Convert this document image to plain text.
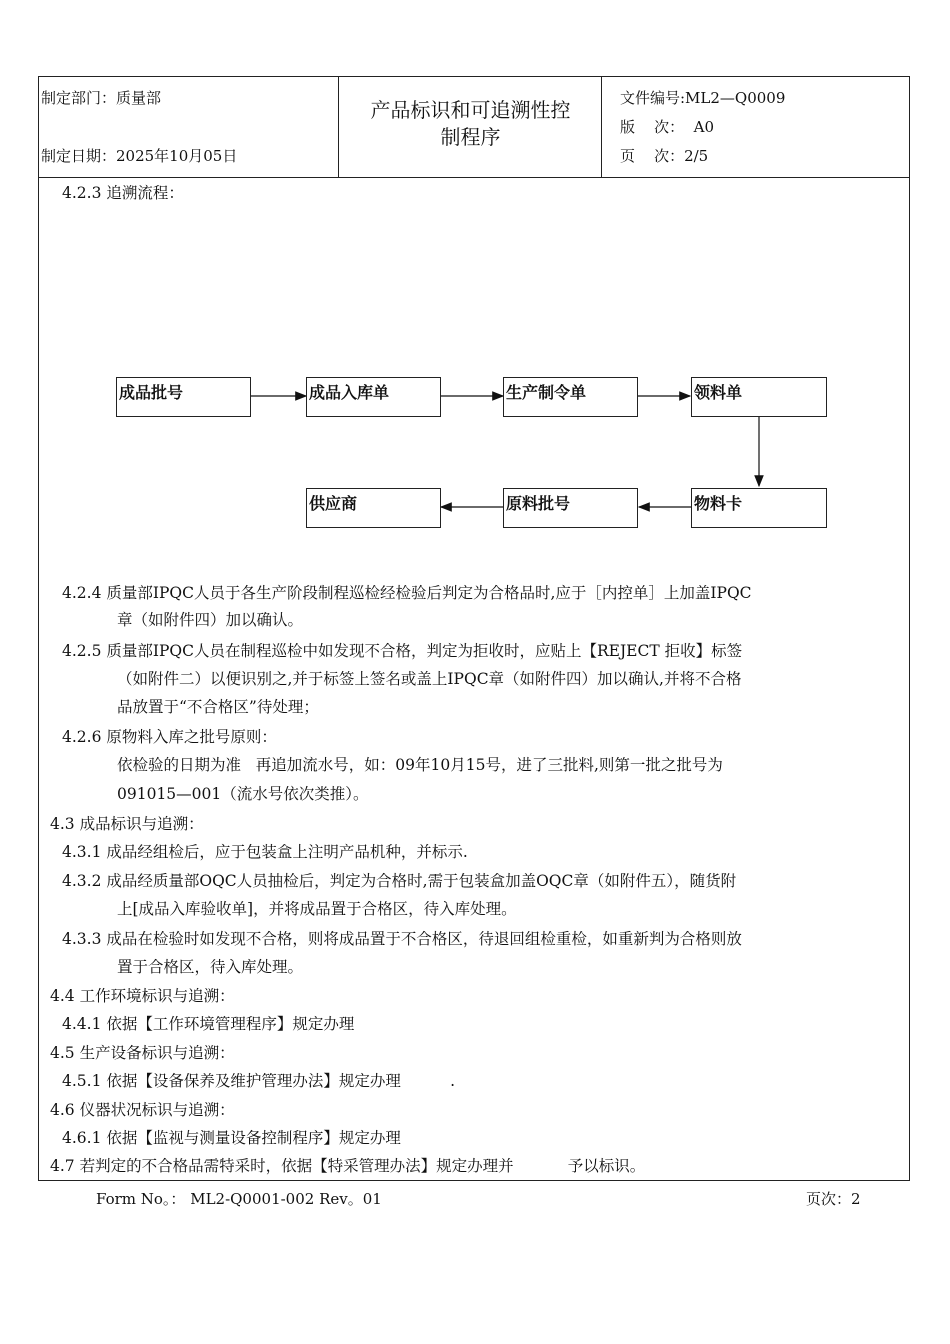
制定部门：质量部
制定日期：2025年10月05日
产品标识和可追溯性控
制程序
文件编号:ML2—Q0009
版    次：  A0
页    次：2/5
4.2.3 追溯流程：
成品批号	成品入库单	生产制令单	领料单
物料卡
原料批号
供应商
4.2.4 质量部IPQC人员于各生产阶段制程巡检经检验后判定为合格品时,应于［内控单］上加盖IPQC
章（如附件四）加以确认。
4.2.5 质量部IPQC人员在制程巡检中如发现不合格，判定为拒收时，应贴上【REJECT 拒收】标签
（如附件二）以便识别之,并于标签上签名或盖上IPQC章（如附件四）加以确认,并将不合格
品放置于“不合格区”待处理；
4.2.6 原物料入库之批号原则：
依检验的日期为准   再追加流水号，如：09年10月15号，进了三批料,则第一批之批号为
091015—001（流水号依次类推）。
4.3 成品标识与追溯：
4.3.1 成品经组检后，应于包装盒上注明产品机种，并标示.
4.3.2 成品经质量部OQC人员抽检后，判定为合格时,需于包装盒加盖OQC章（如附件五），随货附
上[成品入库验收单]，并将成品置于合格区，待入库处理。
4.3.3 成品在检验时如发现不合格，则将成品置于不合格区，待退回组检重检，如重新判为合格则放
置于合格区，待入库处理。
4.4 工作环境标识与追溯：
4.4.1 依据【工作环境管理程序】规定办理
4.5 生产设备标识与追溯：
4.5.1 依据【设备保养及维护管理办法】规定办理          .
4.6 仪器状况标识与追溯：
4.6.1 依据【监视与测量设备控制程序】规定办理
4.7 若判定的不合格品需特采时，依据【特采管理办法】规定办理并           予以标识。
Form No。： ML2-Q0001-002 Rev。01	页次：2
